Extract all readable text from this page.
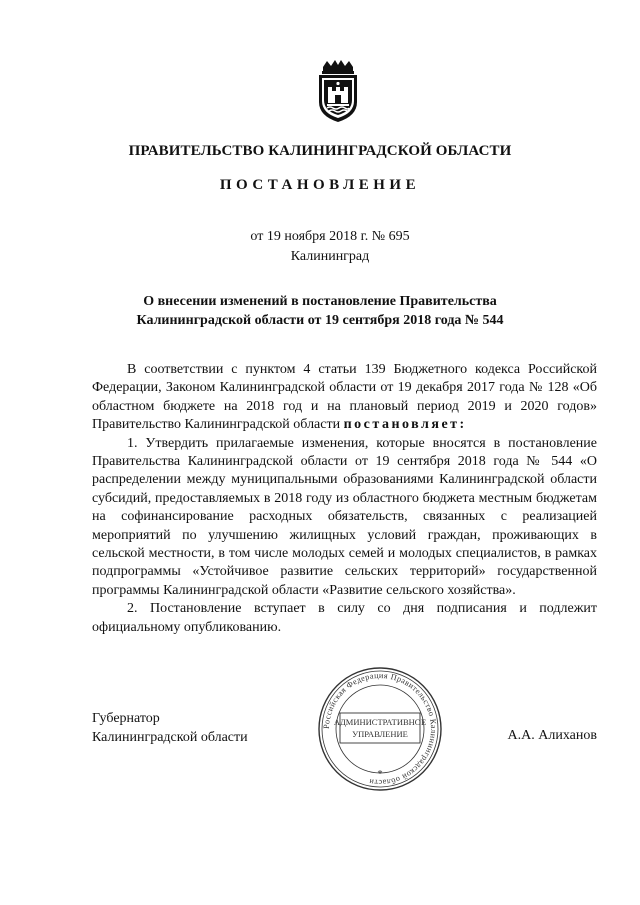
ПРАВИТЕЛЬСТВО КАЛИНИНГРАДСКОЙ ОБЛАСТИ
ПОСТАНОВЛЕНИЕ
от 19 ноября 2018 г. № 695
Калининград
О внесении изменений в постановление Правительства
Калининградской области от 19 сентября 2018 года № 544

В соответствии с пунктом 4 статьи 139 Бюджетного кодекса Российской Федерации, Законом Калининградской области от 19 декабря 2017 года № 128 «Об областном бюджете на 2018 год и на плановый период 2019 и 2020 годов» Правительство Калининградской области постановляет:

1. Утвердить прилагаемые изменения, которые вносятся в постановление Правительства Калининградской области от 19 сентября 2018 года № 544 «О распределении между муниципальными образованиями Калининградской области субсидий, предоставляемых в 2018 году из областного бюджета местным бюджетам на софинансирование расходных обязательств, связанных с реализацией мероприятий по улучшению жилищных условий граждан, проживающих в сельской местности, в том числе молодых семей и молодых специалистов, в рамках подпрограммы «Устойчивое развитие сельских территорий» государственной программы Калининградской области «Развитие сельского хозяйства».

2. Постановление вступает в силу со дня подписания и подлежит официальному опубликованию.

Губернатор
Калининградской области	А.А. Алиханов
Российская Федерация Правительство Калининградской области
АДМИНИСТРАТИВНОЕ
УПРАВЛЕНИЕ
*
